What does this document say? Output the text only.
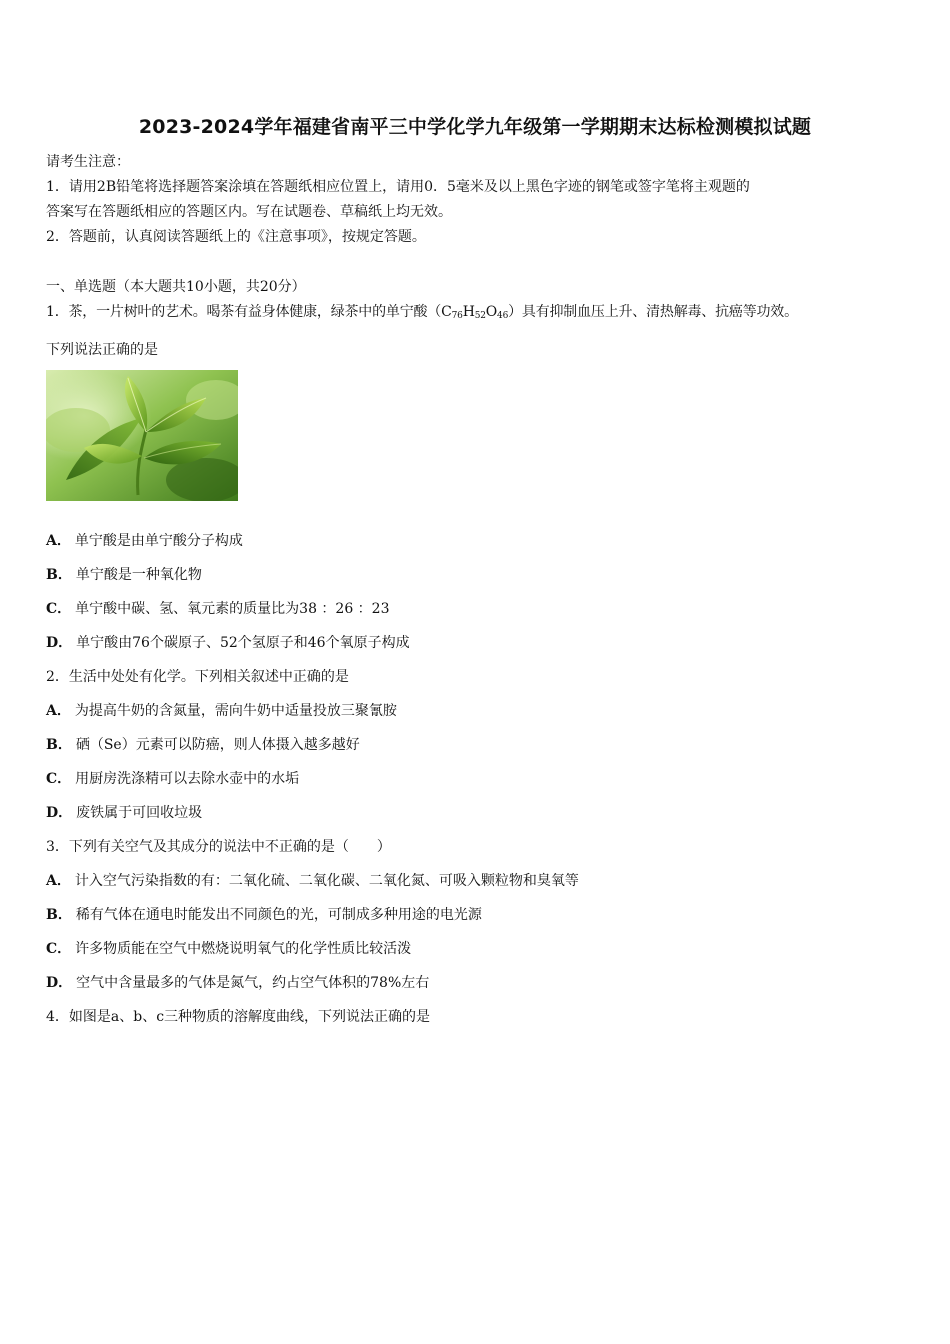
2023-2024学年福建省南平三中学化学九年级第一学期期末达标检测模拟试题
请考生注意：
1．请用2B铅笔将选择题答案涂填在答题纸相应位置上，请用0．5毫米及以上黑色字迹的钢笔或签字笔将主观题的
答案写在答题纸相应的答题区内。写在试题卷、草稿纸上均无效。
2．答题前，认真阅读答题纸上的《注意事项》，按规定答题。
一、单选题（本大题共10小题，共20分）
1．茶，一片树叶的艺术。喝茶有益身体健康，绿茶中的单宁酸$(C_{76}H_{52}O_{46})$具有抑制血压上升、清热解毒、抗癌等功效。
下列说法正确的是
A． 单宁酸是由单宁酸分子构成
B． 单宁酸是一种氧化物
C． 单宁酸中碳、氢、氧元素的质量比为38 ：26 ：23
D． 单宁酸由76个碳原子、52个氢原子和46个氧原子构成
2．生活中处处有化学。下列相关叙述中正确的是
A． 为提高牛奶的含氮量，需向牛奶中适量投放三聚氰胺
B． 硒（Se）元素可以防癌，则人体摄入越多越好
C． 用厨房洗涤精可以去除水壶中的水垢
D． 废铁属于可回收垃圾
3．下列有关空气及其成分的说法中不正确的是（　　）
A． 计入空气污染指数的有：二氧化硫、二氧化碳、二氧化氮、可吸入颗粒物和臭氧等
B． 稀有气体在通电时能发出不同颜色的光，可制成多种用途的电光源
C． 许多物质能在空气中燃烧说明氧气的化学性质比较活泼
D． 空气中含量最多的气体是氮气，约占空气体积的78%左右
4．如图是a、b、c三种物质的溶解度曲线，下列说法正确的是
